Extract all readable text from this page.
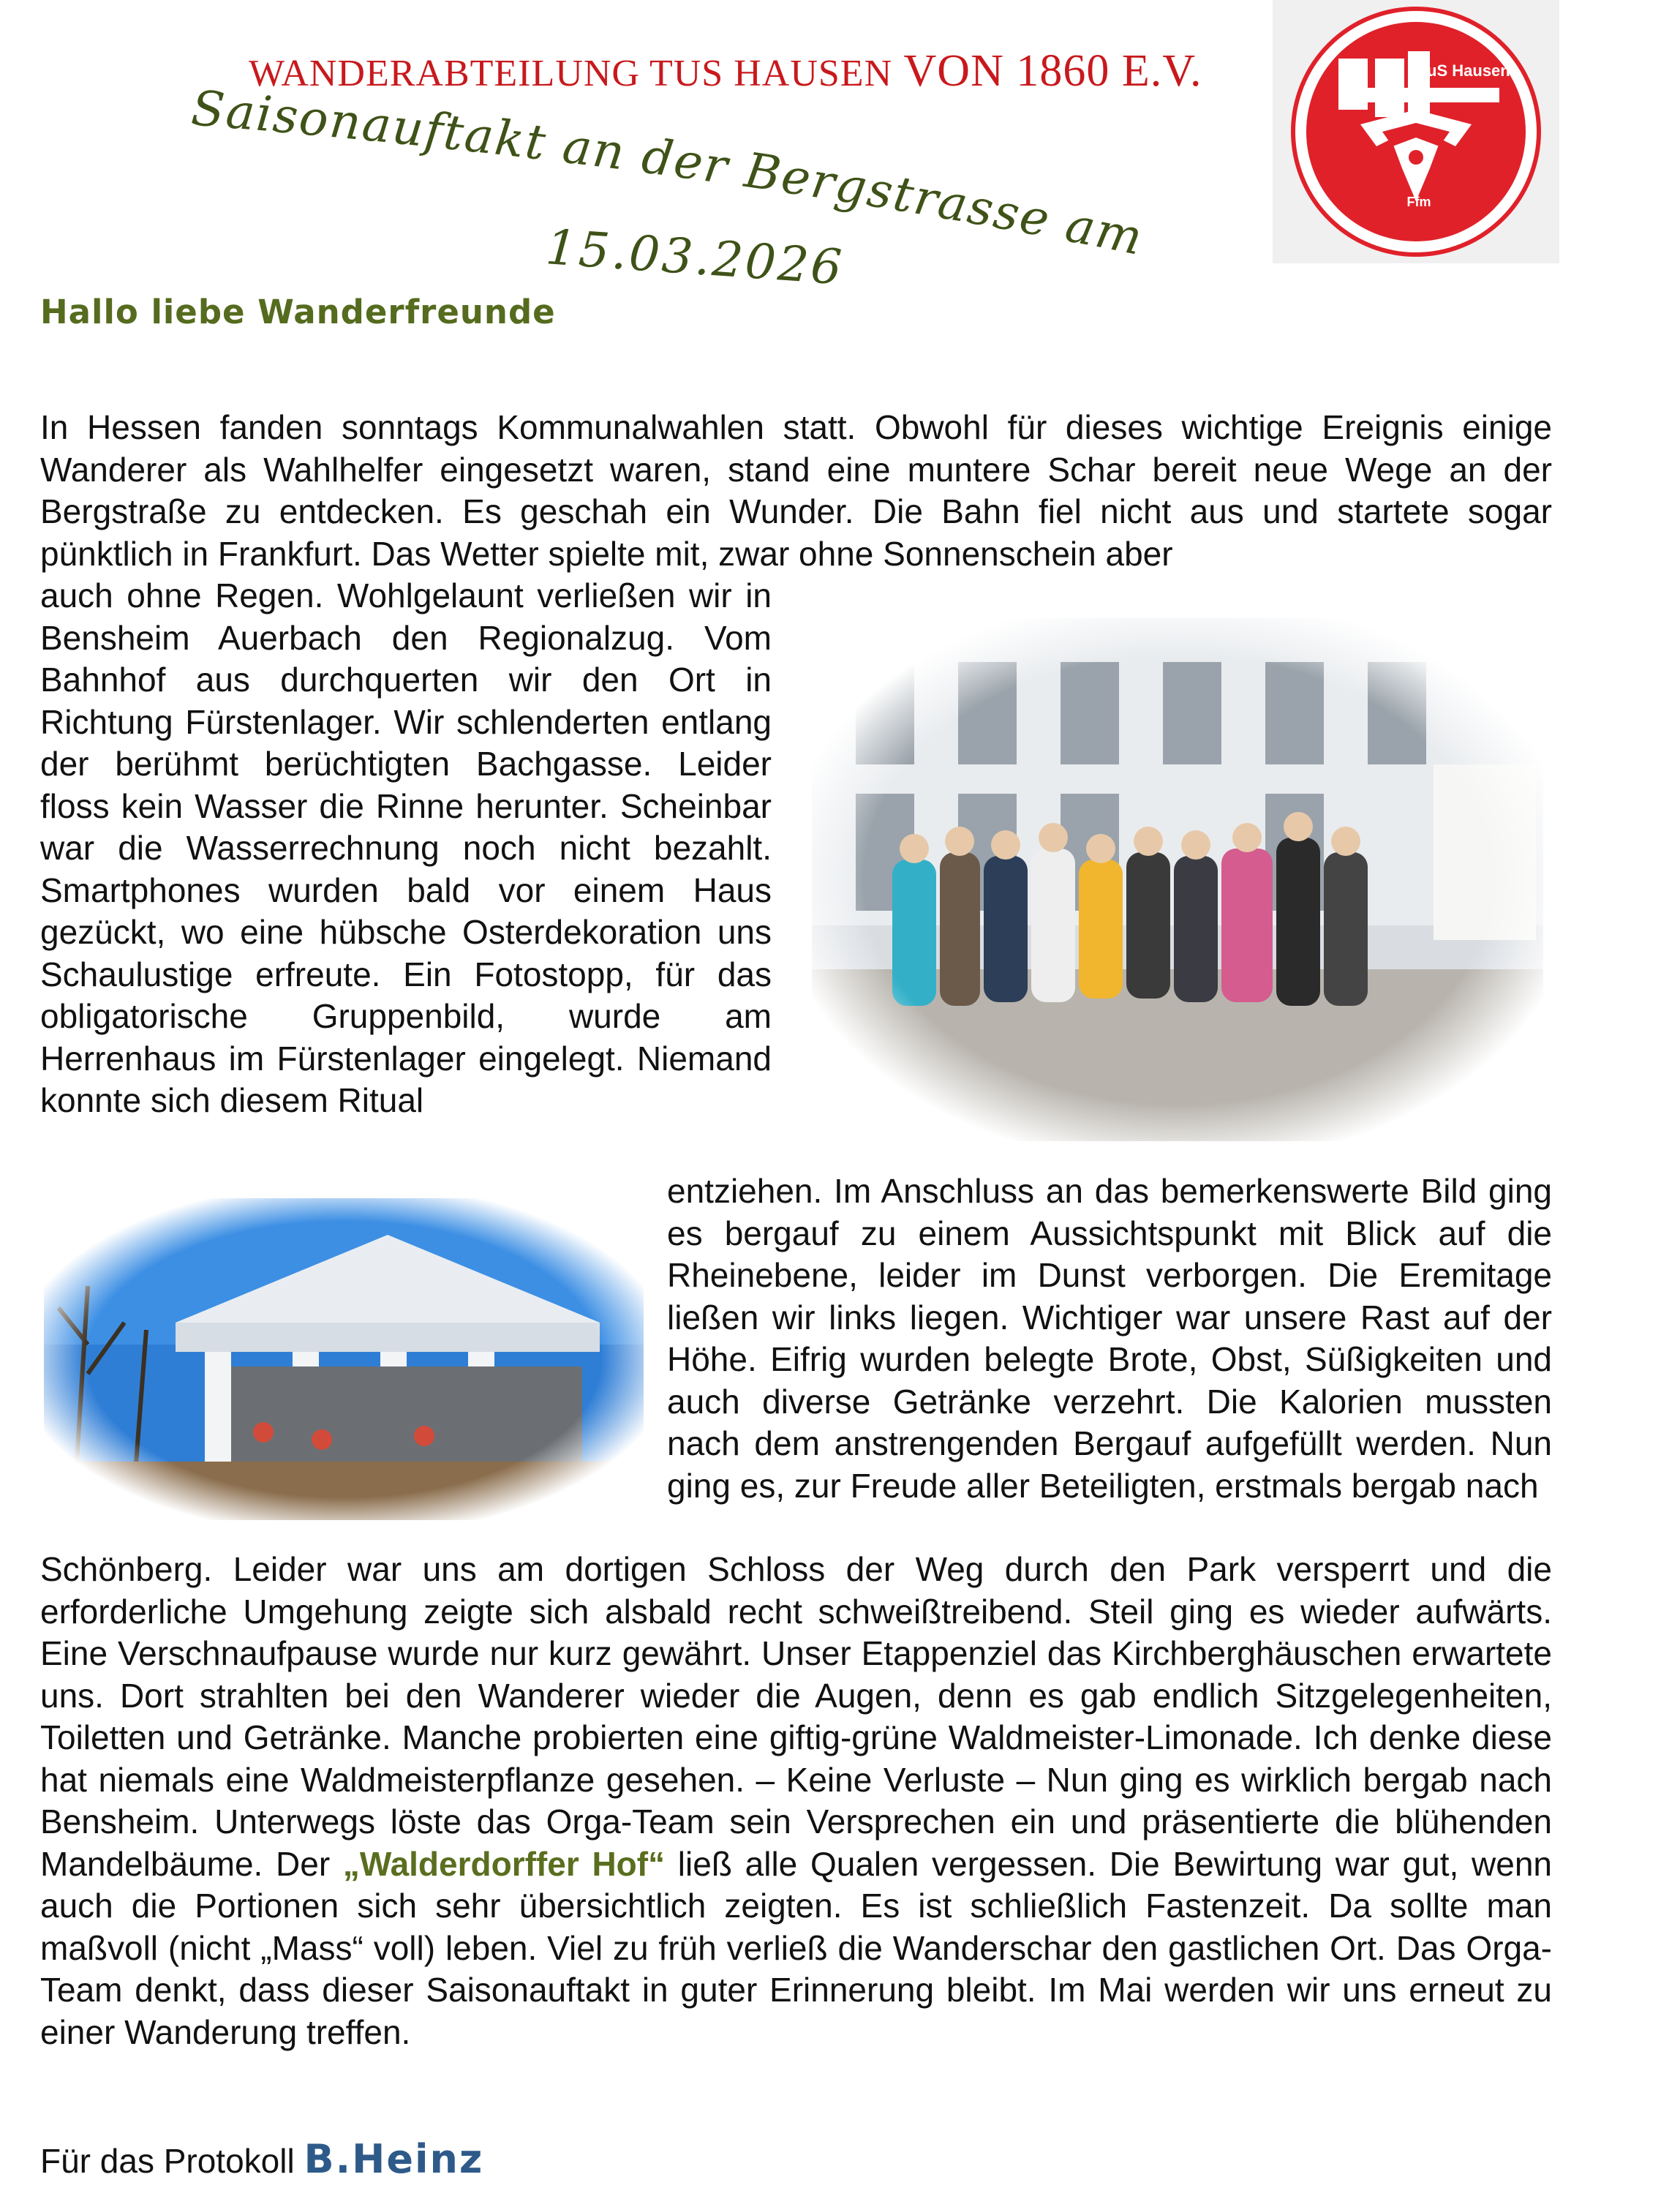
WANDERABTEILUNG TUS HAUSEN VON 1860 E.V.	TuS Hausen
Ffm
Saisonauftakt an der Bergstrasse am
15.03.2026
Hallo liebe Wanderfreunde
In Hessen fanden sonntags Kommunalwahlen statt. Obwohl für dieses wichtige Ereignis einige Wanderer als Wahlhelfer eingesetzt waren, stand eine muntere Schar bereit neue Wege an der Bergstraße zu entdecken. Es geschah ein Wunder. Die Bahn fiel nicht aus und startete sogar pünktlich in Frankfurt. Das Wetter spielte mit, zwar ohne Sonnenschein aber
auch ohne Regen. Wohlgelaunt verließen wir in Bensheim Auerbach den Regionalzug. Vom Bahnhof aus durchquerten wir den Ort in Richtung Fürstenlager. Wir schlenderten entlang der berühmt berüchtigten Bachgasse. Leider floss kein Wasser die Rinne herunter. Scheinbar war die Wasserrechnung noch nicht bezahlt. Smartphones wurden bald vor einem Haus gezückt, wo eine hübsche Osterdekoration uns Schaulustige erfreute. Ein Fotostopp, für das obligatorische Gruppenbild, wurde am Herrenhaus im Fürstenlager eingelegt. Niemand konnte sich diesem Ritual
entziehen. Im Anschluss an das bemerkenswerte Bild ging es bergauf zu einem Aussichtspunkt mit Blick auf die Rheinebene, leider im Dunst verborgen. Die Eremitage ließen wir links liegen. Wichtiger war unsere Rast auf der Höhe. Eifrig wurden belegte Brote, Obst, Süßigkeiten und auch diverse Getränke verzehrt. Die Kalorien mussten nach dem anstrengenden Bergauf aufgefüllt werden. Nun ging es, zur Freude aller Beteiligten, erstmals bergab nach
Schönberg. Leider war uns am dortigen Schloss der Weg durch den Park versperrt und die erforderliche Umgehung zeigte sich alsbald recht schweißtreibend. Steil ging es wieder aufwärts. Eine Verschnaufpause wurde nur kurz gewährt. Unser Etappenziel das Kirchberghäuschen erwartete uns. Dort strahlten bei den Wanderer wieder die Augen, denn es gab endlich Sitzgelegenheiten, Toiletten und Getränke. Manche probierten eine giftig-grüne Waldmeister-Limonade. Ich denke diese hat niemals eine Waldmeisterpflanze gesehen. – Keine Verluste – Nun ging es wirklich bergab nach Bensheim. Unterwegs löste das Orga-Team sein Versprechen ein und präsentierte die blühenden Mandelbäume. Der „Walderdorffer Hof“ ließ alle Qualen vergessen. Die Bewirtung war gut, wenn auch die Portionen sich sehr übersichtlich zeigten. Es ist schließlich Fastenzeit. Da sollte man maßvoll (nicht „Mass“ voll) leben. Viel zu früh verließ die Wanderschar den gastlichen Ort. Das Orga-Team denkt, dass dieser Saisonauftakt in guter Erinnerung bleibt. Im Mai werden wir uns erneut zu einer Wanderung treffen.
Für das Protokoll B.Heinz
